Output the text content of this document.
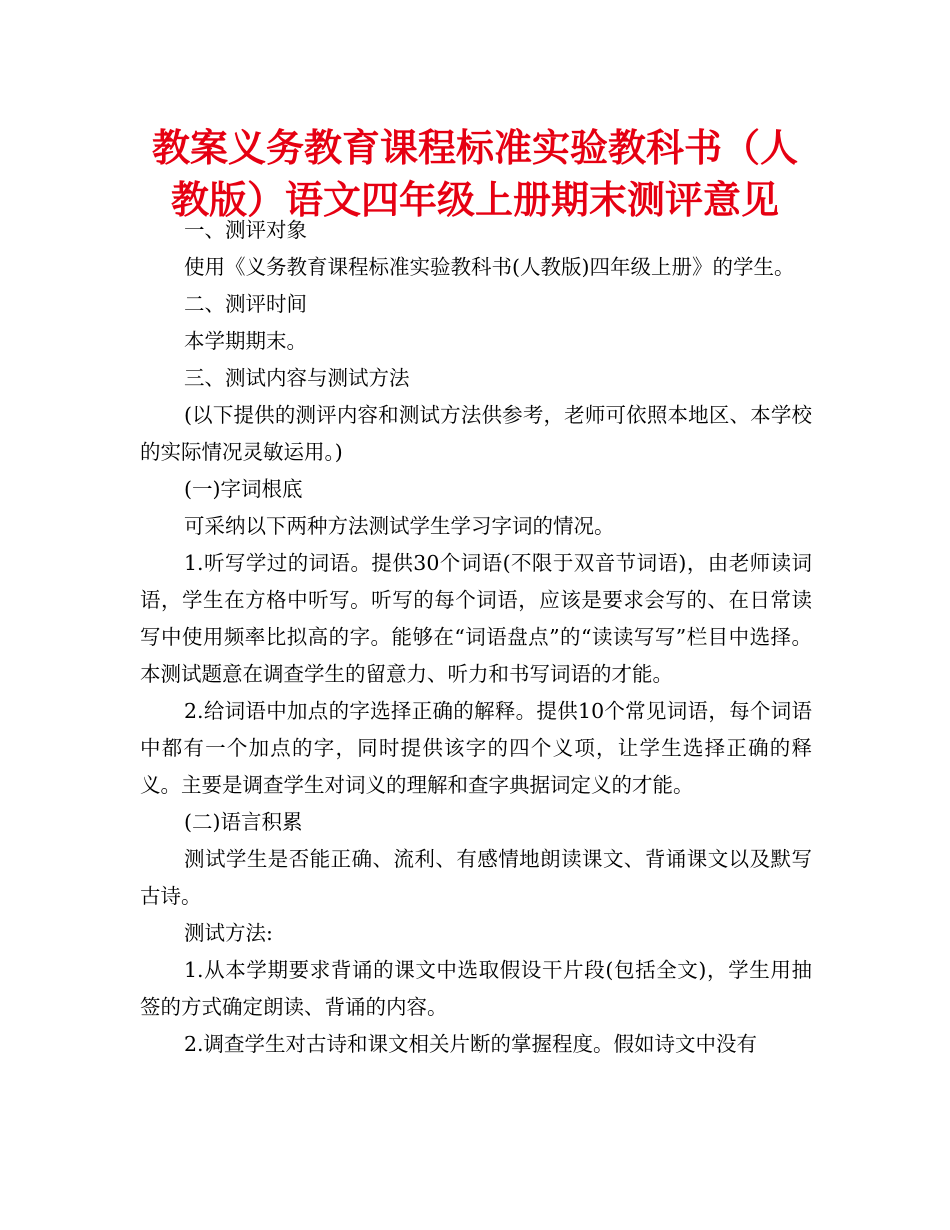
教案义务教育课程标准实验教科书（人教版）语文四年级上册期末测评意见

一、测评对象

使用《义务教育课程标准实验教科书(人教版)四年级上册》的学生。

二、测评时间

本学期期末。

三、测试内容与测试方法

(以下提供的测评内容和测试方法供参考，老师可依照本地区、本学校的实际情况灵敏运用。)

(一)字词根底

可采纳以下两种方法测试学生学习字词的情况。

1.听写学过的词语。提供30个词语(不限于双音节词语)，由老师读词语，学生在方格中听写。听写的每个词语，应该是要求会写的、在日常读写中使用频率比拟高的字。能够在“词语盘点”的“读读写写”栏目中选择。本测试题意在调查学生的留意力、听力和书写词语的才能。

2.给词语中加点的字选择正确的解释。提供10个常见词语，每个词语中都有一个加点的字，同时提供该字的四个义项，让学生选择正确的释义。主要是调查学生对词义的理解和查字典据词定义的才能。

(二)语言积累

测试学生是否能正确、流利、有感情地朗读课文、背诵课文以及默写古诗。

测试方法:

1.从本学期要求背诵的课文中选取假设干片段(包括全文)，学生用抽签的方式确定朗读、背诵的内容。

2.调查学生对古诗和课文相关片断的掌握程度。假如诗文中没有
